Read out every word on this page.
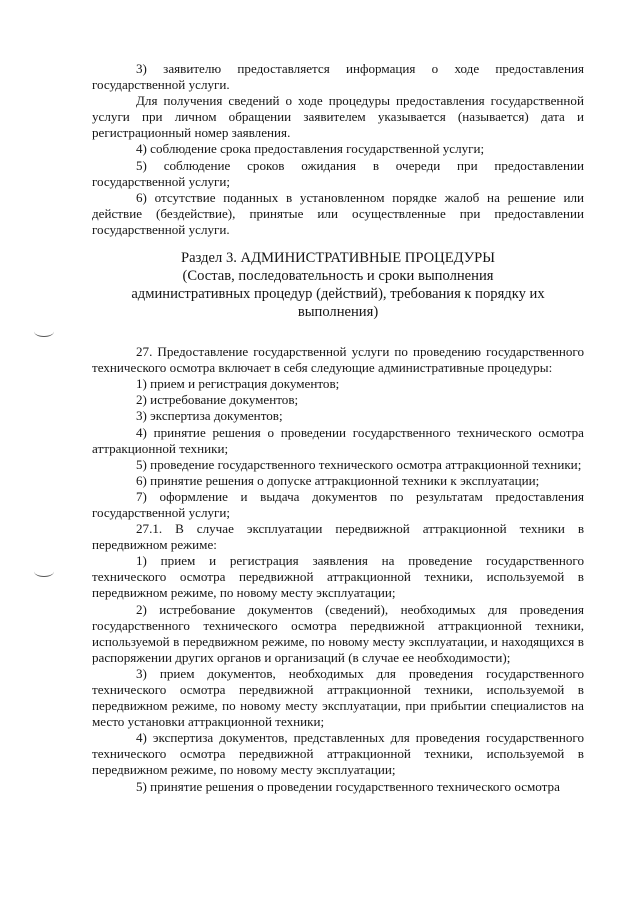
3) заявителю предоставляется информация о ходе предоставления государственной услуги.

Для получения сведений о ходе процедуры предоставления государственной услуги при личном обращении заявителем указывается (называется) дата и регистрационный номер заявления.

4) соблюдение срока предоставления государственной услуги;

5) соблюдение сроков ожидания в очереди при предоставлении государственной услуги;

6) отсутствие поданных в установленном порядке жалоб на решение или действие (бездействие), принятые или осуществленные при предоставлении государственной услуги.

Раздел 3. АДМИНИСТРАТИВНЫЕ ПРОЦЕДУРЫ
(Состав, последовательность и сроки выполнения
административных процедур (действий), требования к порядку их
выполнения)

27. Предоставление государственной услуги по проведению государственного технического осмотра включает в себя следующие административные процедуры:

1) прием и регистрация документов;

2) истребование документов;

3) экспертиза документов;

4) принятие решения о проведении государственного технического осмотра аттракционной техники;

5) проведение государственного технического осмотра аттракционной техники;

6) принятие решения о допуске аттракционной техники к эксплуатации;

7) оформление и выдача документов по результатам предоставления государственной услуги;

27.1. В случае эксплуатации передвижной аттракционной техники в передвижном режиме:

1) прием и регистрация заявления на проведение государственного технического осмотра передвижной аттракционной техники, используемой в передвижном режиме, по новому месту эксплуатации;

2) истребование документов (сведений), необходимых для проведения государственного технического осмотра передвижной аттракционной техники, используемой в передвижном режиме, по новому месту эксплуатации, и находящихся в распоряжении других органов и организаций (в случае ее необходимости);

3) прием документов, необходимых для проведения государственного технического осмотра передвижной аттракционной техники, используемой в передвижном режиме, по новому месту эксплуатации, при прибытии специалистов на место установки аттракционной техники;

4) экспертиза документов, представленных для проведения государственного технического осмотра передвижной аттракционной техники, используемой в передвижном режиме, по новому месту эксплуатации;

5) принятие решения о проведении государственного технического осмотра
